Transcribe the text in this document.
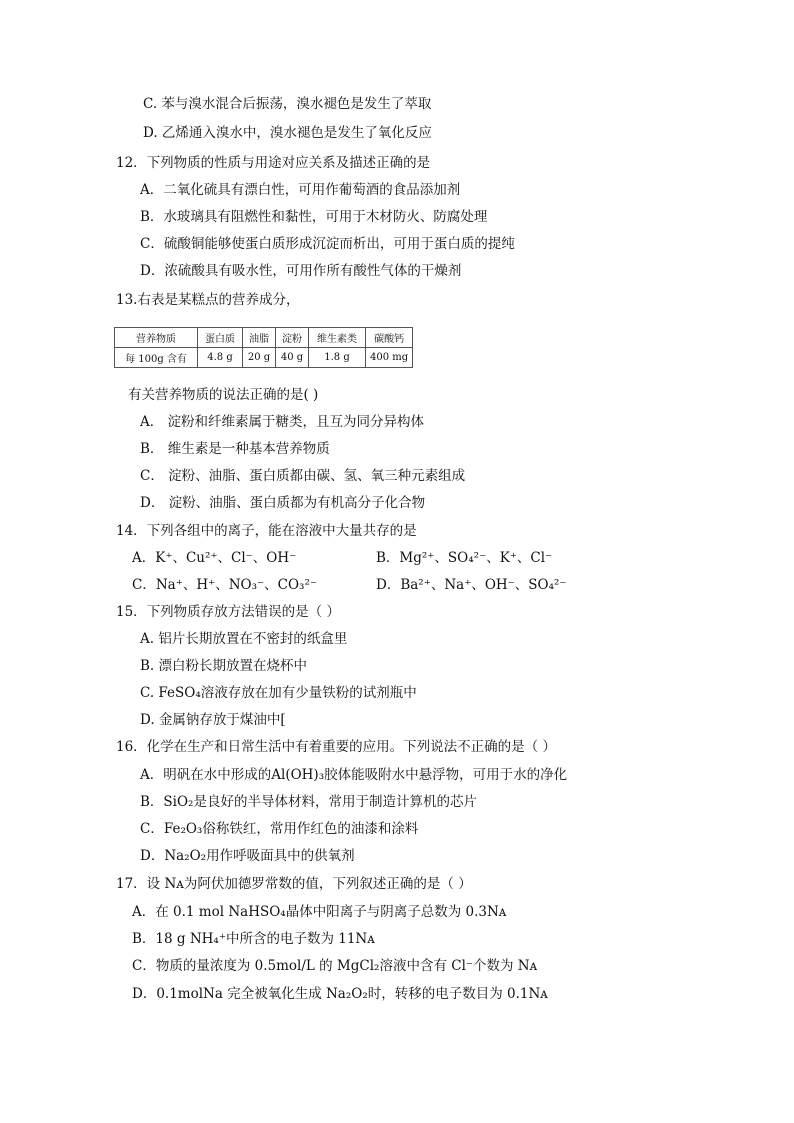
C. 苯与溴水混合后振荡，溴水褪色是发生了萃取
D. 乙烯通入溴水中，溴水褪色是发生了氧化反应
12．下列物质的性质与用途对应关系及描述正确的是
A．二氧化硫具有漂白性，可用作葡萄酒的食品添加剂
B．水玻璃具有阻燃性和黏性，可用于木材防火、防腐处理
C．硫酸铜能够使蛋白质形成沉淀而析出，可用于蛋白质的提纯
D．浓硫酸具有吸水性，可用作所有酸性气体的干燥剂
13.右表是某糕点的营养成分，
营养物质	蛋白质	油脂	淀粉	维生素类	碳酸钙
每 100g 含有	4.8 g	20 g	40 g	1.8 g	400 mg
有关营养物质的说法正确的是( )
A． 淀粉和纤维素属于糖类，且互为同分异构体
B． 维生素是一种基本营养物质
C． 淀粉、油脂、蛋白质都由碳、氢、氧三种元素组成
D． 淀粉、油脂、蛋白质都为有机高分子化合物
14．下列各组中的离子，能在溶液中大量共存的是
A．K⁺、Cu²⁺、Cl⁻、OH⁻	B．Mg²⁺、SO₄²⁻、K⁺、Cl⁻
C．Na⁺、H⁺、NO₃⁻、CO₃²⁻	D．Ba²⁺、Na⁺、OH⁻、SO₄²⁻
15．下列物质存放方法错误的是（ ）
A. 铝片长期放置在不密封的纸盒里
B. 漂白粉长期放置在烧杯中
C. FeSO₄溶液存放在加有少量铁粉的试剂瓶中
D. 金属钠存放于煤油中[
16．化学在生产和日常生活中有着重要的应用。下列说法不正确的是（ ）
A．明矾在水中形成的Al(OH)₃胶体能吸附水中悬浮物，可用于水的净化
B．SiO₂是良好的半导体材料，常用于制造计算机的芯片
C．Fe₂O₃俗称铁红，常用作红色的油漆和涂料
D．Na₂O₂用作呼吸面具中的供氧剂
17．设 Nᴀ为阿伏加德罗常数的值，下列叙述正确的是（ ）
A．在 0.1 mol NaHSO₄晶体中阳离子与阴离子总数为 0.3Nᴀ
B．18 g NH₄⁺中所含的电子数为 11Nᴀ
C．物质的量浓度为 0.5mol/L 的 MgCl₂溶液中含有 Cl⁻个数为 Nᴀ
D．0.1molNa 完全被氧化生成 Na₂O₂时，转移的电子数目为 0.1Nᴀ
